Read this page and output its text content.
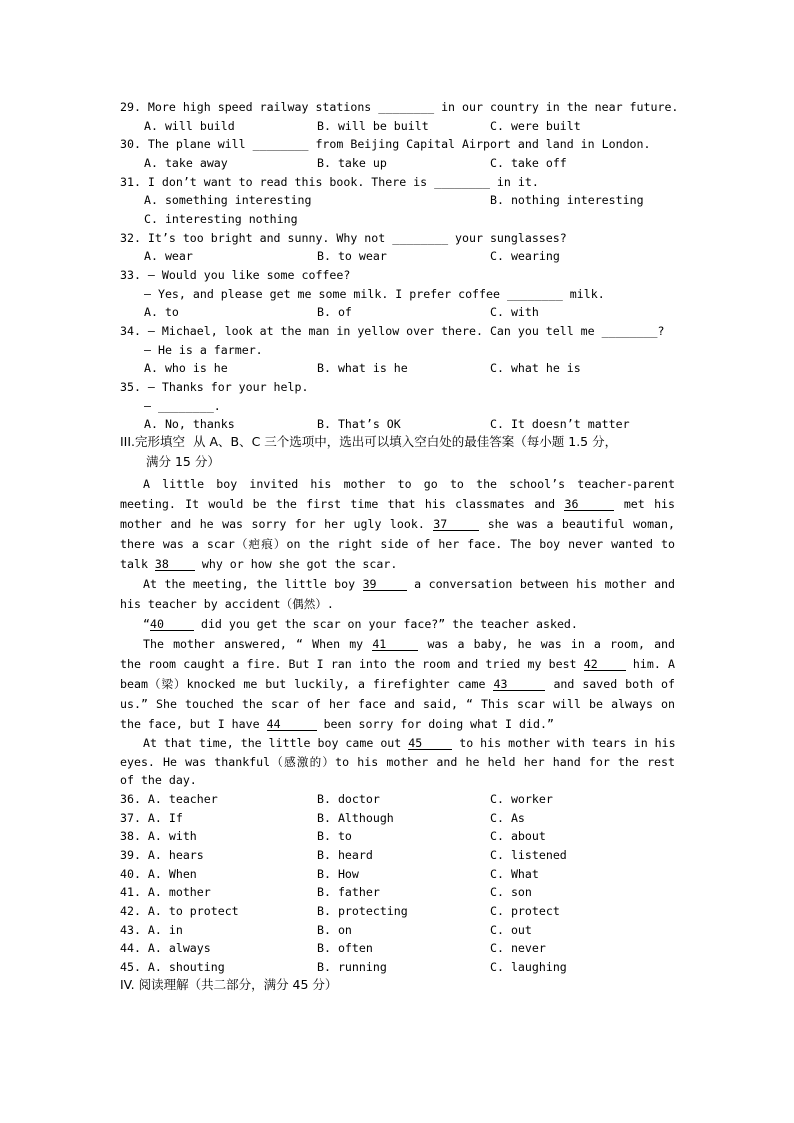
29. More high speed railway stations ________ in our country in the near future.
A. will build	B. will be built	C. were built
30. The plane will ________ from Beijing Capital Airport and land in London.
A. take away	B. take up	C. take off
31. I don’t want to read this book. There is ________ in it.
A. something interesting	B. nothing interesting
C. interesting nothing
32. It’s too bright and sunny. Why not ________ your sunglasses?
A. wear	B. to wear	C. wearing
33. — Would you like some coffee?
— Yes, and please get me some milk. I prefer coffee ________ milk.
A. to	B. of	C. with
34. — Michael, look at the man in yellow over there. Can you tell me ________?
— He is a farmer.
A. who is he	B. what is he	C. what he is
35. — Thanks for your help.
— ________.
A. No, thanks	B. That’s OK	C. It doesn’t matter
III.完形填空  从 A、B、C 三个选项中，选出可以填入空白处的最佳答案（每小题 1.5 分，
满分 15 分）
A little boy invited his mother to go to the school’s teacher-parent
meeting. It would be the first time that his classmates and 36	met his
mother and he was sorry for her ugly look. 37	she was a beautiful woman,
there was a scar（疤痕）on the right side of her face. The boy never wanted to
talk 38	why or how she got the scar.
At the meeting, the little boy 39	a conversation between his mother and
his teacher by accident（偶然）.
“40	did you get the scar on your face?” the teacher asked.
The mother answered, “ When my 41	was a baby, he was in a room, and
the room caught a fire. But I ran into the room and tried my best 42	him. A
beam（梁）knocked me but luckily, a firefighter came 43	and saved both of
us.” She touched the scar of her face and said, “ This scar will be always on
the face, but I have 44	been sorry for doing what I did.”
At that time, the little boy came out 45	to his mother with tears in his
eyes. He was thankful（感激的）to his mother and he held her hand for the rest
of the day.
36. A. teacher	B. doctor	C. worker
37. A. If	B. Although	C. As
38. A. with	B. to	C. about
39. A. hears	B. heard	C. listened
40. A. When	B. How	C. What
41. A. mother	B. father	C. son
42. A. to protect	B. protecting	C. protect
43. A. in	B. on	C. out
44. A. always	B. often	C. never
45. A. shouting	B. running	C. laughing
IV. 阅读理解（共二部分，满分 45 分）
